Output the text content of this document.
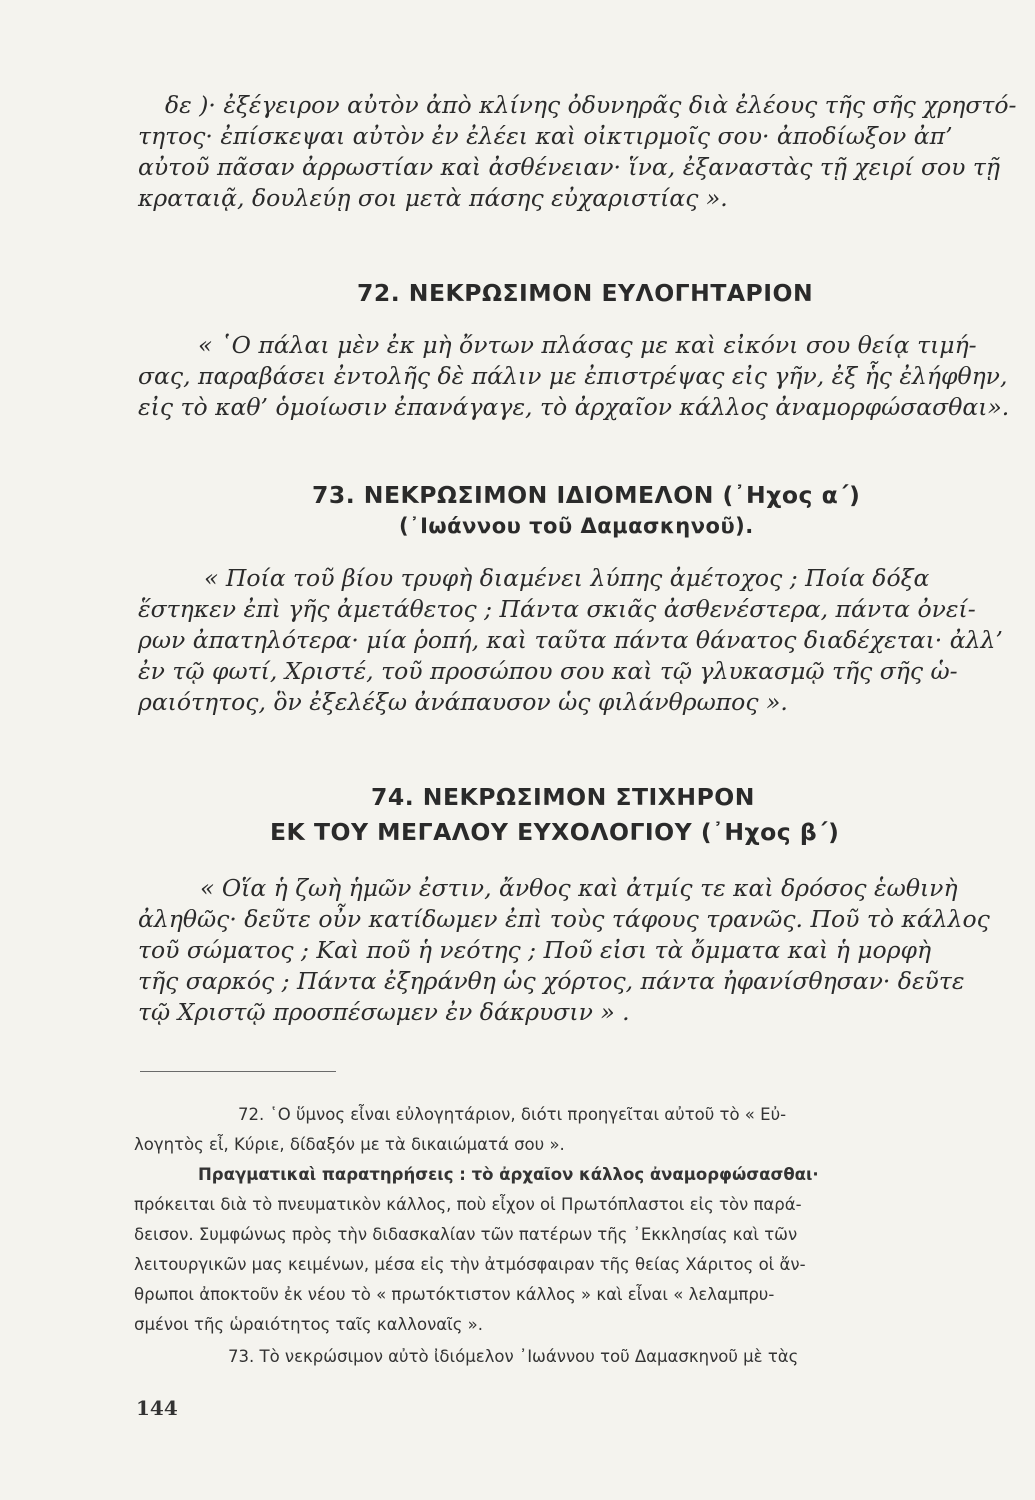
δε )· ἐξέγειρον αὐτὸν ἀπὸ κλίνης ὀδυνηρᾶς διὰ ἐλέους τῆς σῆς χρηστό-
τητος· ἐπίσκεψαι αὐτὸν ἐν ἐλέει καὶ οἰκτιρμοῖς σου· ἀποδίωξον ἀπ’
αὐτοῦ πᾶσαν ἀρρωστίαν καὶ ἀσθένειαν· ἵνα, ἐξαναστὰς τῇ χειρί σου τῇ
κραταιᾷ, δουλεύῃ σοι μετὰ πάσης εὐχαριστίας ».
72. ΝΕΚΡΩΣΙΜΟΝ ΕΥΛΟΓΗΤΑΡΙΟΝ
« ῾Ο πάλαι μὲν ἐκ μὴ ὄντων πλάσας με καὶ εἰκόνι σου θείᾳ τιμή-
σας, παραβάσει ἐντολῆς δὲ πάλιν με ἐπιστρέψας εἰς γῆν, ἐξ ἧς ἐλήφθην,
εἰς τὸ καθ’ ὁμοίωσιν ἐπανάγαγε, τὸ ἀρχαῖον κάλλος ἀναμορφώσασθαι».
73. ΝΕΚΡΩΣΙΜΟΝ ΙΔΙΟΜΕΛΟΝ (᾿Ηχος α΄)
(᾿Ιωάννου τοῦ Δαμασκηνοῦ).
« Ποία τοῦ βίου τρυφὴ διαμένει λύπης ἀμέτοχος ; Ποία δόξα
ἕστηκεν ἐπὶ γῆς ἀμετάθετος ; Πάντα σκιᾶς ἀσθενέστερα, πάντα ὀνεί-
ρων ἀπατηλότερα· μία ῥοπή, καὶ ταῦτα πάντα θάνατος διαδέχεται· ἀλλ’
ἐν τῷ φωτί, Χριστέ, τοῦ προσώπου σου καὶ τῷ γλυκασμῷ τῆς σῆς ὡ-
ραιότητος, ὃν ἐξελέξω ἀνάπαυσον ὡς φιλάνθρωπος ».
74. ΝΕΚΡΩΣΙΜΟΝ ΣΤΙΧΗΡΟΝ
ΕΚ ΤΟΥ ΜΕΓΑΛΟΥ ΕΥΧΟΛΟΓΙΟΥ (᾿Ηχος β΄)
« Οἵα ἡ ζωὴ ἡμῶν ἐστιν, ἄνθος καὶ ἀτμίς τε καὶ δρόσος ἑωθινὴ
ἀληθῶς· δεῦτε οὖν κατίδωμεν ἐπὶ τοὺς τάφους τρανῶς. Ποῦ τὸ κάλλος
τοῦ σώματος ; Καὶ ποῦ ἡ νεότης ; Ποῦ εἰσι τὰ ὄμματα καὶ ἡ μορφὴ
τῆς σαρκός ; Πάντα ἐξηράνθη ὡς χόρτος, πάντα ἠφανίσθησαν· δεῦτε
τῷ Χριστῷ προσπέσωμεν ἐν δάκρυσιν » .
72. ῾Ο ὕμνος εἶναι εὐλογητάριον, διότι προηγεῖται αὐτοῦ τὸ « Εὐ-
λογητὸς εἶ, Κύριε, δίδαξόν με τὰ δικαιώματά σου ».
Πραγματικαὶ παρατηρήσεις : τὸ ἀρχαῖον κάλλος ἀναμορφώσασθαι·
πρόκειται διὰ τὸ πνευματικὸν κάλλος, ποὺ εἶχον οἱ Πρωτόπλαστοι εἰς τὸν παρά-
δεισον. Συμφώνως πρὸς τὴν διδασκαλίαν τῶν πατέρων τῆς ᾿Εκκλησίας καὶ τῶν
λειτουργικῶν μας κειμένων, μέσα εἰς τὴν ἀτμόσφαιραν τῆς θείας Χάριτος οἱ ἄν-
θρωποι ἀποκτοῦν ἐκ νέου τὸ « πρωτόκτιστον κάλλος » καὶ εἶναι « λελαμπρυ-
σμένοι τῆς ὡραιότητος ταῖς καλλοναῖς ».
73. Τὸ νεκρώσιμον αὐτὸ ἰδιόμελον ᾿Ιωάννου τοῦ Δαμασκηνοῦ μὲ τὰς

144
